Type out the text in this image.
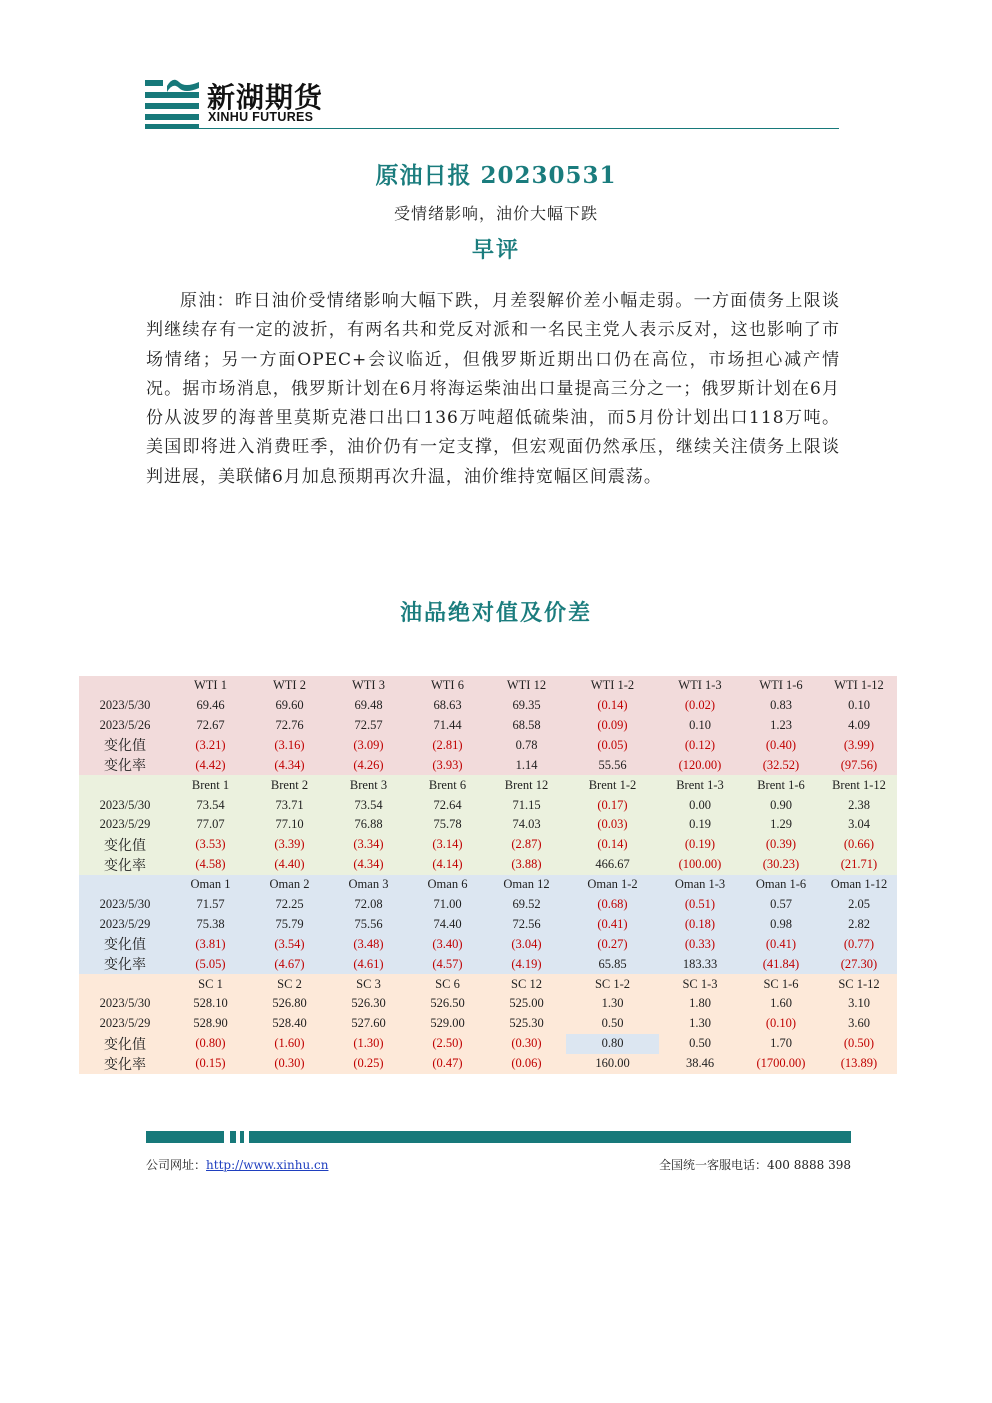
新湖期货
XINHU FUTURES
原油日报 20230531
受情绪影响，油价大幅下跌
早评

原油：昨日油价受情绪影响大幅下跌，月差裂解价差小幅走弱。一方面债务上限谈判继续存有一定的波折，有两名共和党反对派和一名民主党人表示反对，这也影响了市场情绪；另一方面OPEC+会议临近，但俄罗斯近期出口仍在高位，市场担心减产情况。据市场消息，俄罗斯计划在6月将海运柴油出口量提高三分之一；俄罗斯计划在6月份从波罗的海普里莫斯克港口出口136万吨超低硫柴油，而5月份计划出口118万吨。美国即将进入消费旺季，油价仍有一定支撑，但宏观面仍然承压，继续关注债务上限谈判进展，美联储6月加息预期再次升温，油价维持宽幅区间震荡。

油品绝对值及价差
	WTI 1	WTI 2	WTI 3	WTI 6	WTI 12	WTI 1-2	WTI 1-3	WTI 1-6	WTI 1-12
2023/5/30	69.46	69.60	69.48	68.63	69.35	(0.14)	(0.02)	0.83	0.10
2023/5/26	72.67	72.76	72.57	71.44	68.58	(0.09)	0.10	1.23	4.09
变化值	(3.21)	(3.16)	(3.09)	(2.81)	0.78	(0.05)	(0.12)	(0.40)	(3.99)
变化率	(4.42)	(4.34)	(4.26)	(3.93)	1.14	55.56	(120.00)	(32.52)	(97.56)
	Brent 1	Brent 2	Brent 3	Brent 6	Brent 12	Brent 1-2	Brent 1-3	Brent 1-6	Brent 1-12
2023/5/30	73.54	73.71	73.54	72.64	71.15	(0.17)	0.00	0.90	2.38
2023/5/29	77.07	77.10	76.88	75.78	74.03	(0.03)	0.19	1.29	3.04
变化值	(3.53)	(3.39)	(3.34)	(3.14)	(2.87)	(0.14)	(0.19)	(0.39)	(0.66)
变化率	(4.58)	(4.40)	(4.34)	(4.14)	(3.88)	466.67	(100.00)	(30.23)	(21.71)
	Oman 1	Oman 2	Oman 3	Oman 6	Oman 12	Oman 1-2	Oman 1-3	Oman 1-6	Oman 1-12
2023/5/30	71.57	72.25	72.08	71.00	69.52	(0.68)	(0.51)	0.57	2.05
2023/5/29	75.38	75.79	75.56	74.40	72.56	(0.41)	(0.18)	0.98	2.82
变化值	(3.81)	(3.54)	(3.48)	(3.40)	(3.04)	(0.27)	(0.33)	(0.41)	(0.77)
变化率	(5.05)	(4.67)	(4.61)	(4.57)	(4.19)	65.85	183.33	(41.84)	(27.30)
	SC 1	SC 2	SC 3	SC 6	SC 12	SC 1-2	SC 1-3	SC 1-6	SC 1-12
2023/5/30	528.10	526.80	526.30	526.50	525.00	1.30	1.80	1.60	3.10
2023/5/29	528.90	528.40	527.60	529.00	525.30	0.50	1.30	(0.10)	3.60
变化值	(0.80)	(1.60)	(1.30)	(2.50)	(0.30)	0.80	0.50	1.70	(0.50)
变化率	(0.15)	(0.30)	(0.25)	(0.47)	(0.06)	160.00	38.46	(1700.00)	(13.89)
公司网址：http://www.xinhu.cn	全国统一客服电话：400 8888 398
